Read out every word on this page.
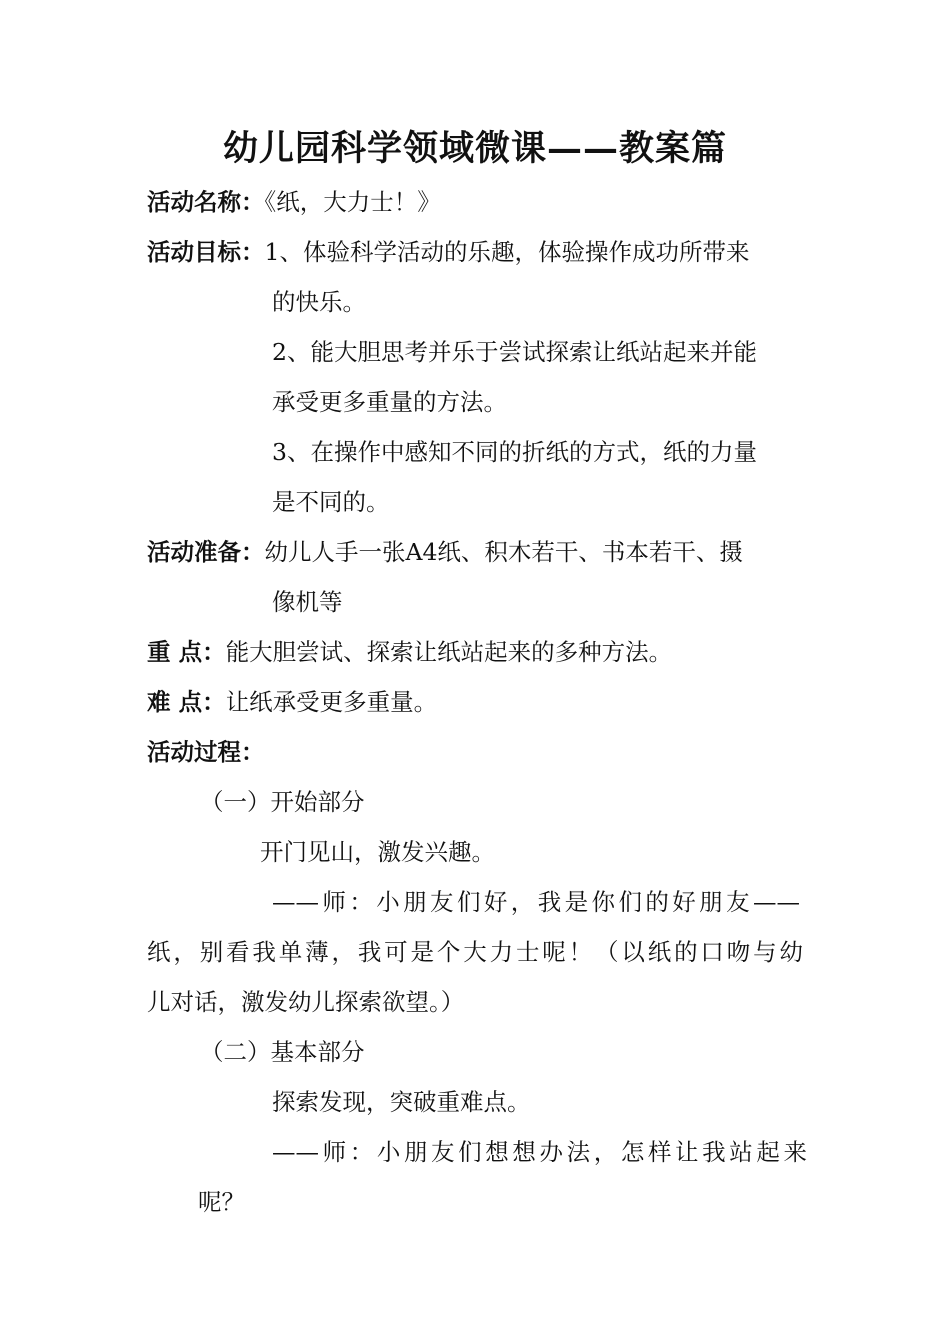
幼儿园科学领域微课——教案篇
活动名称：《纸，大力士！》
活动目标：1、体验科学活动的乐趣，体验操作成功所带来
的快乐。
2、能大胆思考并乐于尝试探索让纸站起来并能
承受更多重量的方法。
3、在操作中感知不同的折纸的方式，纸的力量
是不同的。
活动准备：幼儿人手一张A4纸、积木若干、书本若干、摄
像机等
重 点：能大胆尝试、探索让纸站起来的多种方法。
难 点：让纸承受更多重量。
活动过程：
（一）开始部分
开门见山，激发兴趣。
——师：小朋友们好，我是你们的好朋友——
纸，别看我单薄，我可是个大力士呢！（以纸的口吻与幼
儿对话，激发幼儿探索欲望。）
（二）基本部分
探索发现，突破重难点。
——师：小朋友们想想办法，怎样让我站起来
呢？
